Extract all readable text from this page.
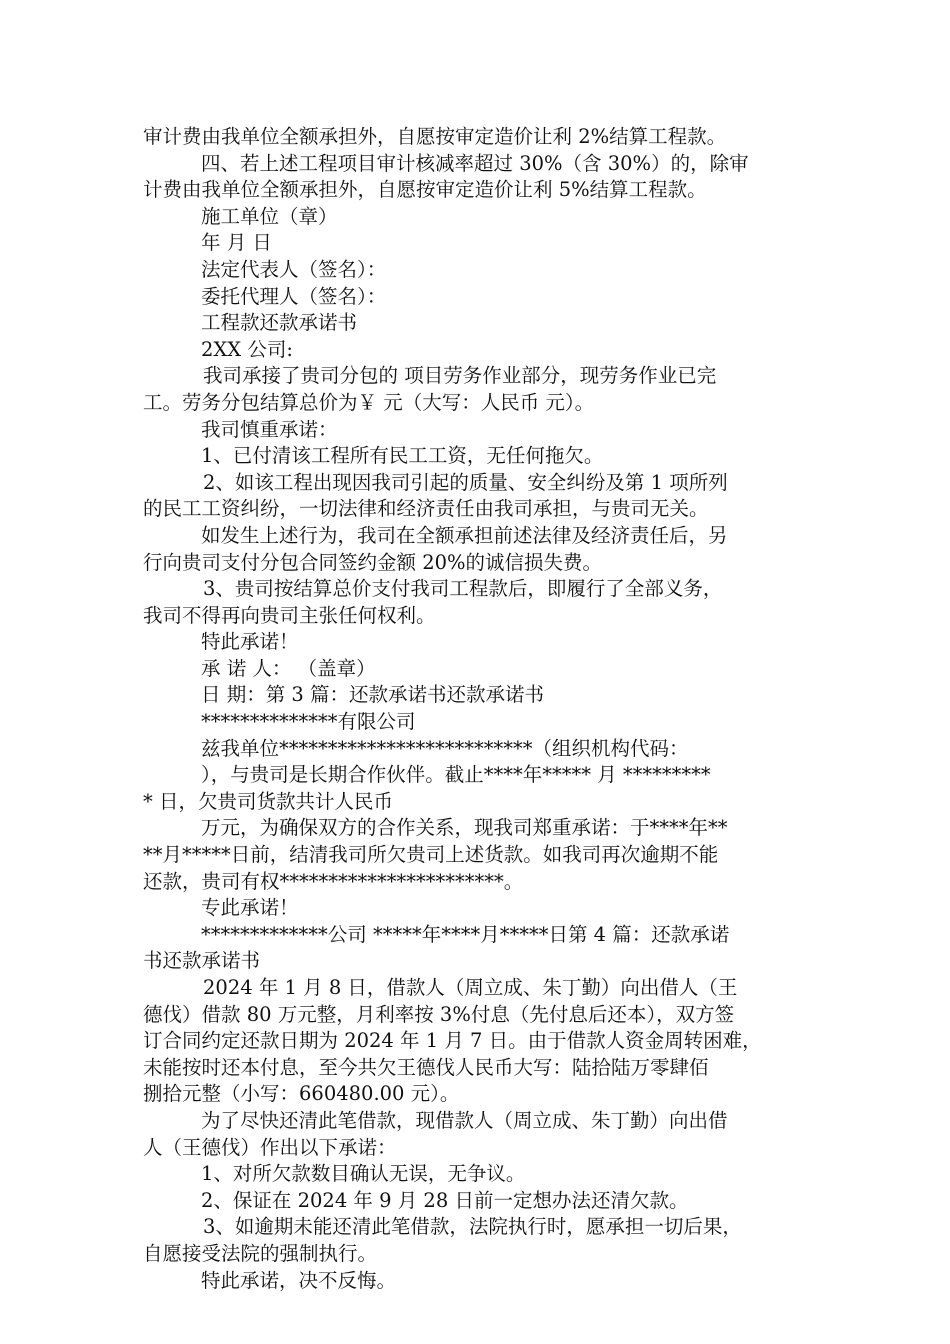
审计费由我单位全额承担外，自愿按审定造价让利 2%结算工程款。
四、若上述工程项目审计核减率超过 30%（含 30%）的，除审
计费由我单位全额承担外，自愿按审定造价让利 5%结算工程款。
施工单位（章）
年 月 日
法定代表人（签名）：
委托代理人（签名）：
工程款还款承诺书
2XX 公司:
我司承接了贵司分包的 项目劳务作业部分，现劳务作业已完
工。劳务分包结算总价为￥ 元（大写：人民币 元）。
我司慎重承诺：
1、已付清该工程所有民工工资，无任何拖欠。
2、如该工程出现因我司引起的质量、安全纠纷及第 1 项所列
的民工工资纠纷，一切法律和经济责任由我司承担，与贵司无关。
如发生上述行为，我司在全额承担前述法律及经济责任后，另
行向贵司支付分包合同签约金额 20%的诚信损失费。
3、贵司按结算总价支付我司工程款后，即履行了全部义务，
我司不得再向贵司主张任何权利。
特此承诺！
承 诺 人： （盖章）
日 期：第 3 篇：还款承诺书还款承诺书
**************有限公司
兹我单位**************************（组织机构代码：
），与贵司是长期合作伙伴。截止****年***** 月 *********
* 日，欠贵司货款共计人民币
万元，为确保双方的合作关系，现我司郑重承诺：于****年**
**月*****日前，结清我司所欠贵司上述货款。如我司再次逾期不能
还款，贵司有权***********************。
专此承诺！
*************公司 *****年****月*****日第 4 篇：还款承诺
书还款承诺书
2024 年 1 月 8 日，借款人（周立成、朱丁勤）向出借人（王
德伐）借款 80 万元整，月利率按 3%付息（先付息后还本），双方签
订合同约定还款日期为 2024 年 1 月 7 日。由于借款人资金周转困难，
未能按时还本付息，至今共欠王德伐人民币大写：陆拾陆万零肆佰
捌拾元整（小写：660480.00 元）。
为了尽快还清此笔借款，现借款人（周立成、朱丁勤）向出借
人（王德伐）作出以下承诺：
1、对所欠款数目确认无误，无争议。
2、保证在 2024 年 9 月 28 日前一定想办法还清欠款。
3、如逾期未能还清此笔借款，法院执行时，愿承担一切后果，
自愿接受法院的强制执行。
特此承诺，决不反悔。
